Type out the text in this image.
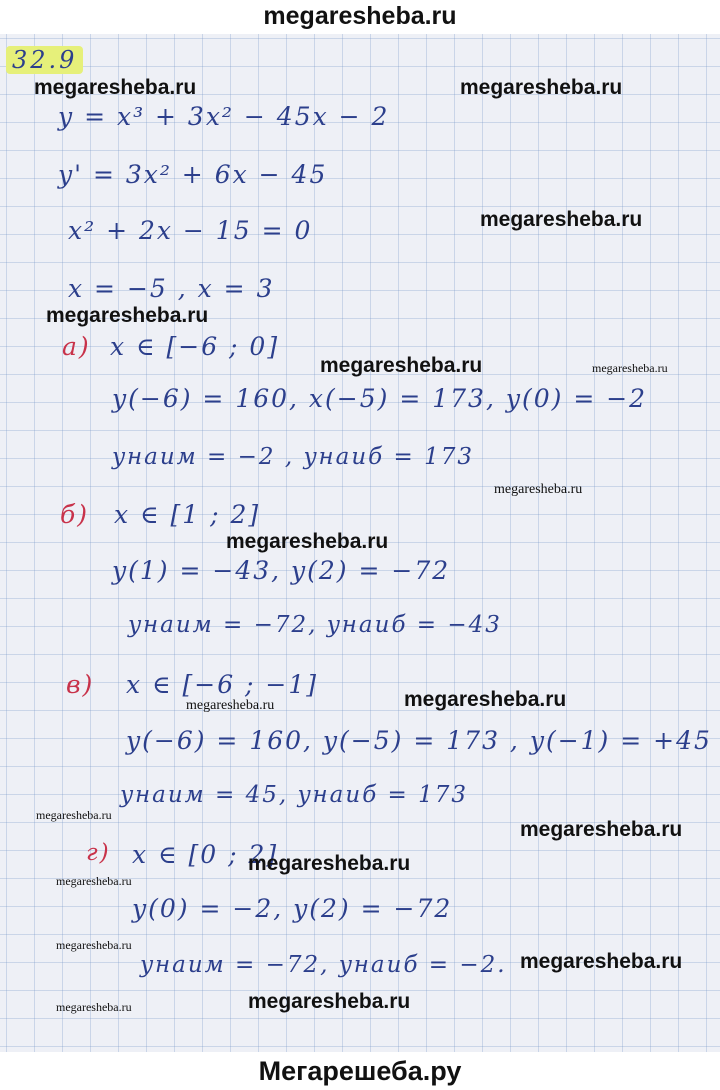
megaresheba.ru
32.9
y = x³ + 3x² − 45x − 2
y' = 3x² + 6x − 45
x² + 2x − 15 = 0
x = −5 , x = 3
а) x ∈ [−6 ; 0]
y(−6) = 160, x(−5) = 173, y(0) = −2
yнаим = −2 , yнаиб = 173
б) x ∈ [1 ; 2]
y(1) = −43, y(2) = −72
yнаим = −72, yнаиб = −43
в) x ∈ [−6 ; −1]
y(−6) = 160, y(−5) = 173 , y(−1) = +45
yнаим = 45, yнаиб = 173
г) x ∈ [0 ; 2]
y(0) = −2, y(2) = −72
yнаим = −72, yнаиб = −2.
megaresheba.ru	megaresheba.ru
megaresheba.ru
megaresheba.ru
megaresheba.ru	megaresheba.ru
megaresheba.ru
megaresheba.ru
megaresheba.ru
megaresheba.ru
megaresheba.ru
megaresheba.ru
megaresheba.ru
megaresheba.ru
megaresheba.ru
megaresheba.ru
megaresheba.ru
megaresheba.ru
Мегарешеба.ру
